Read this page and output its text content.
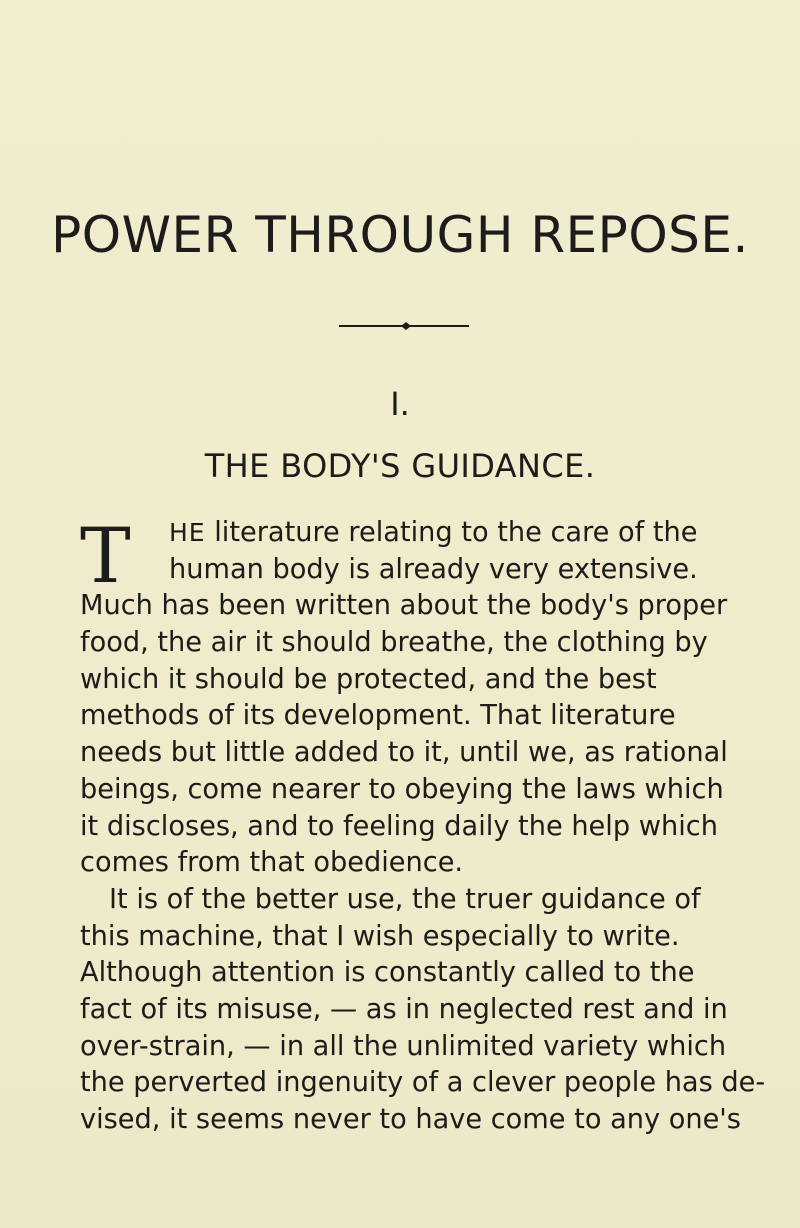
POWER THROUGH REPOSE.
I.
THE BODY'S GUIDANCE.
T HE literature relating to the care of the
human body is already very extensive.
Much has been written about the body's proper
food, the air it should breathe, the clothing by
which it should be protected, and the best
methods of its development. That literature
needs but little added to it, until we, as rational
beings, come nearer to obeying the laws which
it discloses, and to feeling daily the help which
comes from that obedience.
It is of the better use, the truer guidance of
this machine, that I wish especially to write.
Although attention is constantly called to the
fact of its misuse, — as in neglected rest and in
over-strain, — in all the unlimited variety which
the perverted ingenuity of a clever people has de-
vised, it seems never to have come to any one's
